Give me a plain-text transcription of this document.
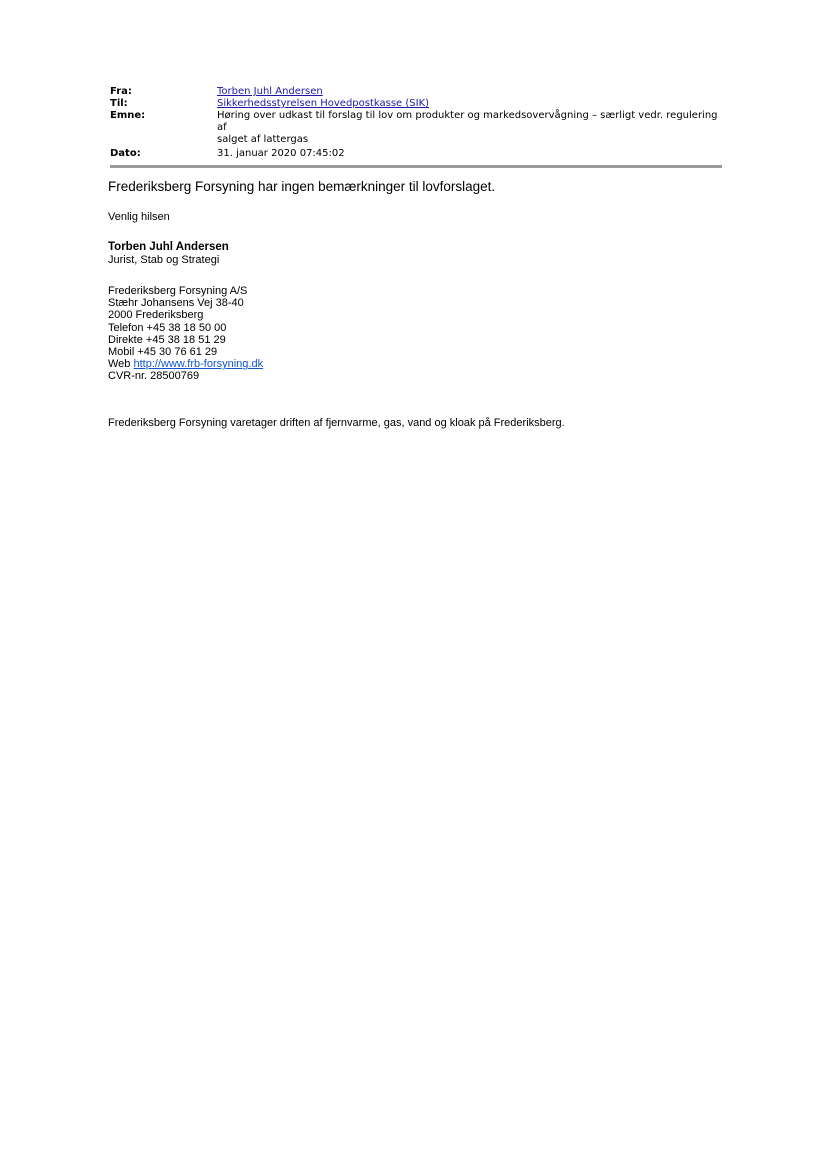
Fra:	Torben Juhl Andersen
Til:	Sikkerhedsstyrelsen Hovedpostkasse (SIK)
Emne:	Høring over udkast til forslag til lov om produkter og markedsovervågning – særligt vedr. regulering af
salget af lattergas
Dato:	31. januar 2020 07:45:02
Frederiksberg Forsyning har ingen bemærkninger til lovforslaget.
Venlig hilsen
Torben Juhl Andersen
Jurist, Stab og Strategi
Frederiksberg Forsyning A/S
Stæhr Johansens Vej 38-40
2000 Frederiksberg
Telefon +45 38 18 50 00
Direkte +45 38 18 51 29
Mobil +45 30 76 61 29
Web http://www.frb-forsyning.dk
CVR-nr. 28500769
Frederiksberg Forsyning varetager driften af fjernvarme, gas, vand og kloak på Frederiksberg.
